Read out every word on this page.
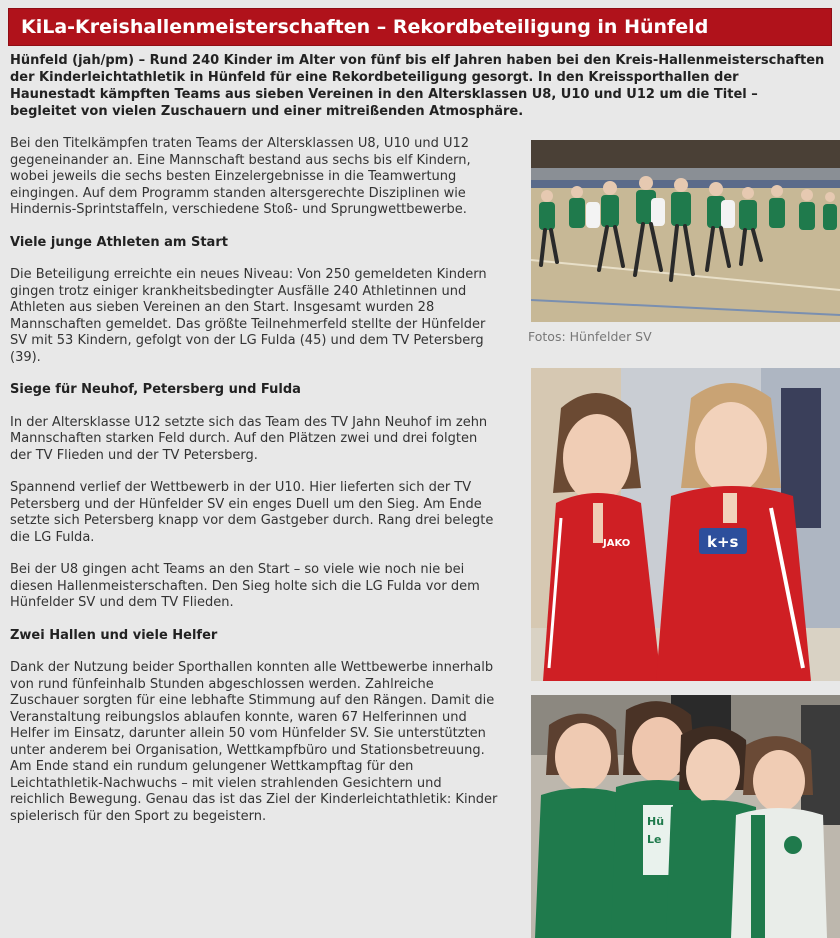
KiLa-Kreishallenmeisterschaften – Rekordbeteiligung in Hünfeld

Hünfeld (jah/pm) – Rund 240 Kinder im Alter von fünf bis elf Jahren haben bei den Kreis-Hallenmeisterschaften der Kinderleichtathletik in Hünfeld für eine Rekordbeteiligung gesorgt. In den Kreissporthallen der Haunestadt kämpften Teams aus sieben Vereinen in den Altersklassen U8, U10 und U12 um die Titel – begleitet von vielen Zuschauern und einer mitreißenden Atmosphäre.

Bei den Titelkämpfen traten Teams der Altersklassen U8, U10 und U12 gegeneinander an. Eine Mannschaft bestand aus sechs bis elf Kindern, wobei jeweils die sechs besten Einzelergebnisse in die Teamwertung eingingen. Auf dem Programm standen altersgerechte Disziplinen wie Hindernis-Sprintstaffeln, verschiedene Stoß- und Sprungwettbewerbe.

Viele junge Athleten am Start

Die Beteiligung erreichte ein neues Niveau: Von 250 gemeldeten Kindern gingen trotz einiger krankheitsbedingter Ausfälle 240 Athletinnen und Athleten aus sieben Vereinen an den Start. Insgesamt wurden 28 Mannschaften gemeldet. Das größte Teilnehmerfeld stellte der Hünfelder SV mit 53 Kindern, gefolgt von der LG Fulda (45) und dem TV Petersberg (39).

Siege für Neuhof, Petersberg und Fulda

In der Altersklasse U12 setzte sich das Team des TV Jahn Neuhof im zehn Mannschaften starken Feld durch. Auf den Plätzen zwei und drei folgten der TV Flieden und der TV Petersberg.

Spannend verlief der Wettbewerb in der U10. Hier lieferten sich der TV Petersberg und der Hünfelder SV ein enges Duell um den Sieg. Am Ende setzte sich Petersberg knapp vor dem Gastgeber durch. Rang drei belegte die LG Fulda.

Bei der U8 gingen acht Teams an den Start – so viele wie noch nie bei diesen Hallenmeisterschaften. Den Sieg holte sich die LG Fulda vor dem Hünfelder SV und dem TV Flieden.

Zwei Hallen und viele Helfer

Dank der Nutzung beider Sporthallen konnten alle Wettbewerbe innerhalb von rund fünfeinhalb Stunden abgeschlossen werden. Zahlreiche Zuschauer sorgten für eine lebhafte Stimmung auf den Rängen. Damit die Veranstaltung reibungslos ablaufen konnte, waren 67 Helferinnen und Helfer im Einsatz, darunter allein 50 vom Hünfelder SV. Sie unterstützten unter anderem bei Organisation, Wettkampfbüro und Stationsbetreuung. Am Ende stand ein rundum gelungener Wettkampftag für den Leichtathletik-Nachwuchs – mit vielen strahlenden Gesichtern und reichlich Bewegung. Genau das ist das Ziel der Kinderleichtathletik: Kinder spielerisch für den Sport zu begeistern.

Fotos: Hünfelder SV
JAKO	k+s
Hü
Le
